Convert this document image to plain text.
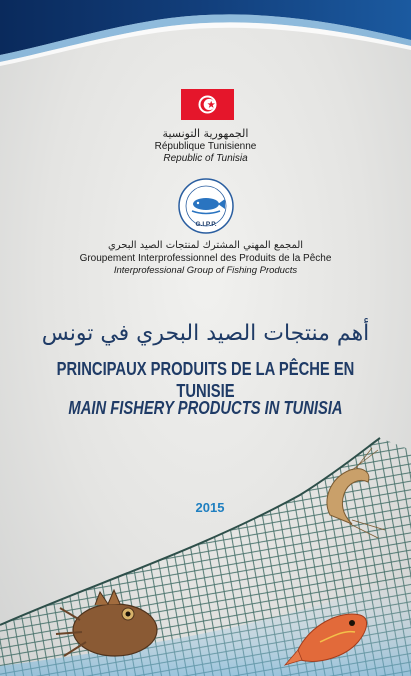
الجمهورية التونسية
République Tunisienne
Republic of Tunisia
G.I.P.P.
المجمع المهني المشترك لمنتجات الصيد البحري
Groupement Interprofessionnel des Produits de la Pêche
Interprofessional Group of Fishing Products
أهم منتجات الصيد البحري في تونس
PRINCIPAUX PRODUITS DE LA PÊCHE EN TUNISIE
MAIN FISHERY PRODUCTS IN TUNISIA
2015
